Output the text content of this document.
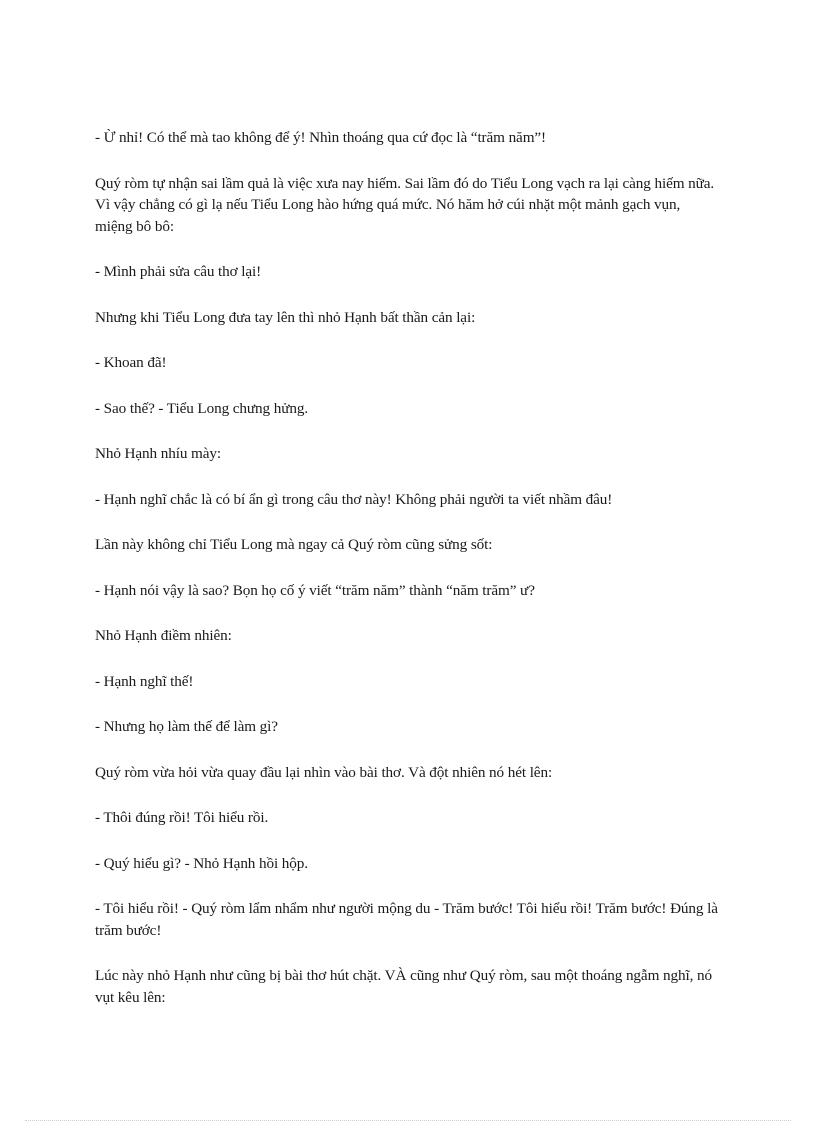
- Ừ nhỉ! Có thể mà tao không để ý! Nhìn thoáng qua cứ đọc là “trăm năm”!

Quý ròm tự nhận sai lầm quả là việc xưa nay hiếm. Sai lầm đó do Tiểu Long vạch ra lại càng hiếm nữa. Vì vậy chẳng có gì lạ nếu Tiểu Long hào hứng quá mức. Nó hăm hở cúi nhặt một mảnh gạch vụn, miệng bô bô:

- Mình phải sửa câu thơ lại!

Nhưng khi Tiểu Long đưa tay lên thì nhỏ Hạnh bất thần cản lại:

- Khoan đã!

- Sao thế? - Tiểu Long chưng hửng.

Nhỏ Hạnh nhíu mày:

- Hạnh nghĩ chắc là có bí ẩn gì trong câu thơ này! Không phải người ta viết nhầm đâu!

Lần này không chỉ Tiểu Long mà ngay cả Quý ròm cũng sửng sốt:

- Hạnh nói vậy là sao? Bọn họ cố ý viết “trăm năm” thành “năm trăm” ư?

Nhỏ Hạnh điềm nhiên:

- Hạnh nghĩ thế!

- Nhưng họ làm thế để làm gì?

Quý ròm vừa hỏi vừa quay đầu lại nhìn vào bài thơ. Và đột nhiên nó hét lên:

- Thôi đúng rồi! Tôi hiểu rồi.

- Quý hiểu gì? - Nhỏ Hạnh hồi hộp.

- Tôi hiểu rồi! - Quý ròm lẩm nhẩm như người mộng du - Trăm bước! Tôi hiểu rồi! Trăm bước! Đúng là trăm bước!

Lúc này nhỏ Hạnh như cũng bị bài thơ hút chặt. VÀ cũng như Quý ròm, sau một thoáng ngẫm nghĩ, nó vụt kêu lên:
